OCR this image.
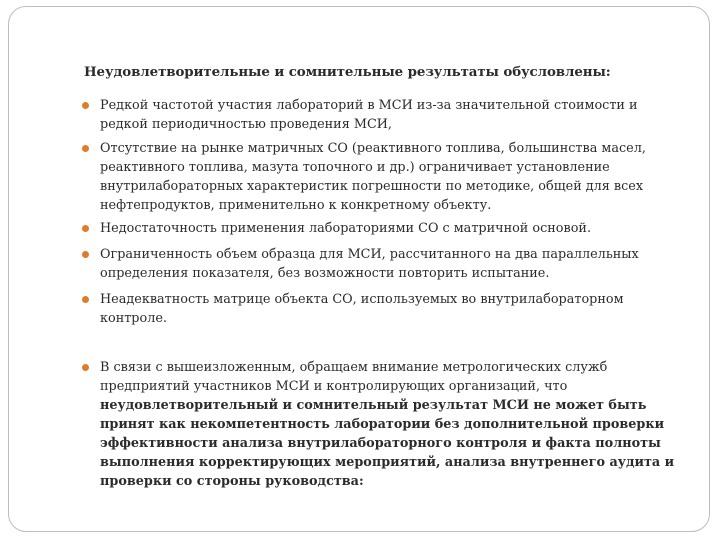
Неудовлетворительные и сомнительные результаты обусловлены:
Редкой частотой участия лабораторий в МСИ из-за значительной стоимости и редкой периодичностью проведения МСИ,
Отсутствие на рынке матричных СО (реактивного топлива, большинства масел, реактивного топлива, мазута топочного и др.) ограничивает установление внутрилабораторных характеристик погрешности по методике, общей для всех нефтепродуктов, применительно к конкретному объекту.
Недостаточность применения лабораториями СО с матричной основой.
Ограниченность объем образца для МСИ, рассчитанного на два параллельных определения показателя, без возможности повторить испытание.
Неадекватность матрице объекта СО, используемых во внутрилабораторном контроле.
В связи с вышеизложенным, обращаем внимание метрологических служб предприятий участников МСИ и контролирующих организаций, что неудовлетворительный и сомнительный результат МСИ не может быть принят как некомпетентность лаборатории без дополнительной проверки эффективности анализа внутрилабораторного контроля и факта полноты выполнения корректирующих мероприятий, анализа внутреннего аудита и проверки со стороны руководства:
